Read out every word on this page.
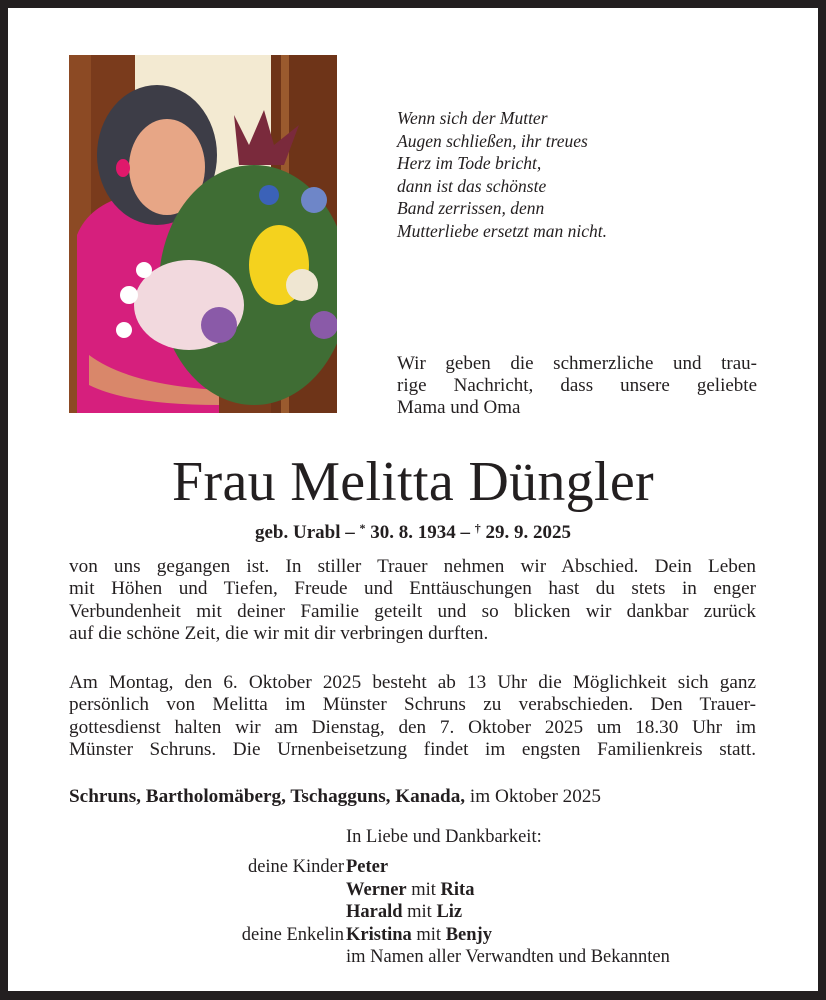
Wenn sich der Mutter
Augen schließen, ihr treues
Herz im Tode bricht,
dann ist das schönste
Band zerrissen, denn
Mutterliebe ersetzt man nicht.
Wir geben die schmerzliche und trau-
rige Nachricht, dass unsere geliebte
Mama und Oma
Frau Melitta Düngler
geb. Urabl – * 30. 8. 1934 – † 29. 9. 2025
von uns gegangen ist. In stiller Trauer nehmen wir Abschied. Dein Leben
mit Höhen und Tiefen, Freude und Enttäuschungen hast du stets in enger
Verbundenheit mit deiner Familie geteilt und so blicken wir dankbar zurück
auf die schöne Zeit, die wir mit dir verbringen durften.
Am Montag, den 6. Oktober 2025 besteht ab 13 Uhr die Möglichkeit sich ganz
persönlich von Melitta im Münster Schruns zu verabschieden. Den Trauer-
gottesdienst halten wir am Dienstag, den 7. Oktober 2025 um 18.30 Uhr im
Münster Schruns. Die Urnenbeisetzung findet im engsten Familienkreis statt.
Schruns, Bartholomäberg, Tschagguns, Kanada, im Oktober 2025
In Liebe und Dankbarkeit:
deine Kinder Peter
Werner mit Rita
Harald mit Liz
deine Enkelin Kristina mit Benjy
im Namen aller Verwandten und Bekannten
